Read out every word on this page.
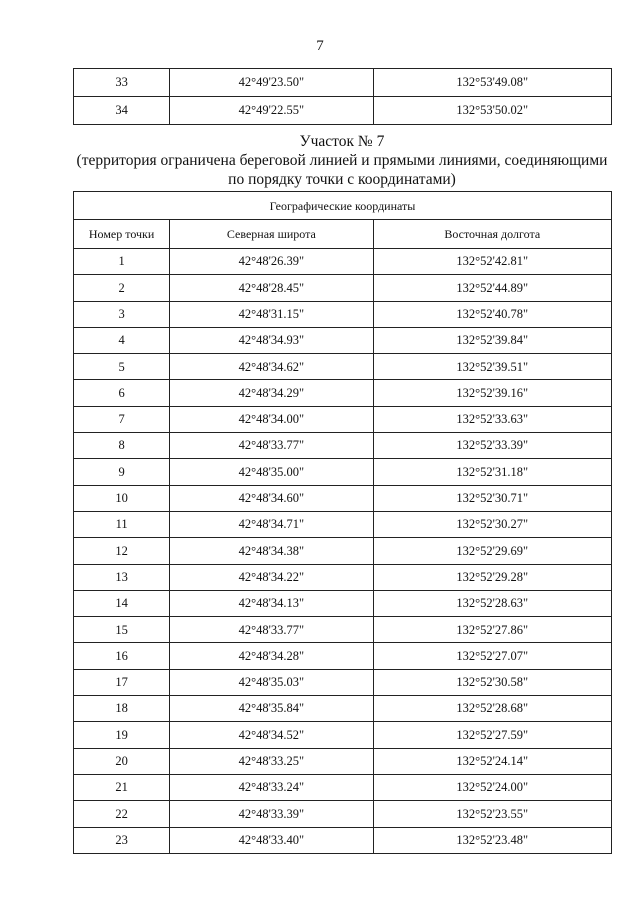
7
33	42°49'23.50"	132°53'49.08"
34	42°49'22.55"	132°53'50.02"
Участок № 7
(территория ограничена береговой линией и прямыми линиями, соединяющими
по порядку точки с координатами)
Географические координаты		
Номер точки	Северная широта	Восточная долгота
1	42°48'26.39"	132°52'42.81"
2	42°48'28.45"	132°52'44.89"
3	42°48'31.15"	132°52'40.78"
4	42°48'34.93"	132°52'39.84"
5	42°48'34.62"	132°52'39.51"
6	42°48'34.29"	132°52'39.16"
7	42°48'34.00"	132°52'33.63"
8	42°48'33.77"	132°52'33.39"
9	42°48'35.00"	132°52'31.18"
10	42°48'34.60"	132°52'30.71"
11	42°48'34.71"	132°52'30.27"
12	42°48'34.38"	132°52'29.69"
13	42°48'34.22"	132°52'29.28"
14	42°48'34.13"	132°52'28.63"
15	42°48'33.77"	132°52'27.86"
16	42°48'34.28"	132°52'27.07"
17	42°48'35.03"	132°52'30.58"
18	42°48'35.84"	132°52'28.68"
19	42°48'34.52"	132°52'27.59"
20	42°48'33.25"	132°52'24.14"
21	42°48'33.24"	132°52'24.00"
22	42°48'33.39"	132°52'23.55"
23	42°48'33.40"	132°52'23.48"
